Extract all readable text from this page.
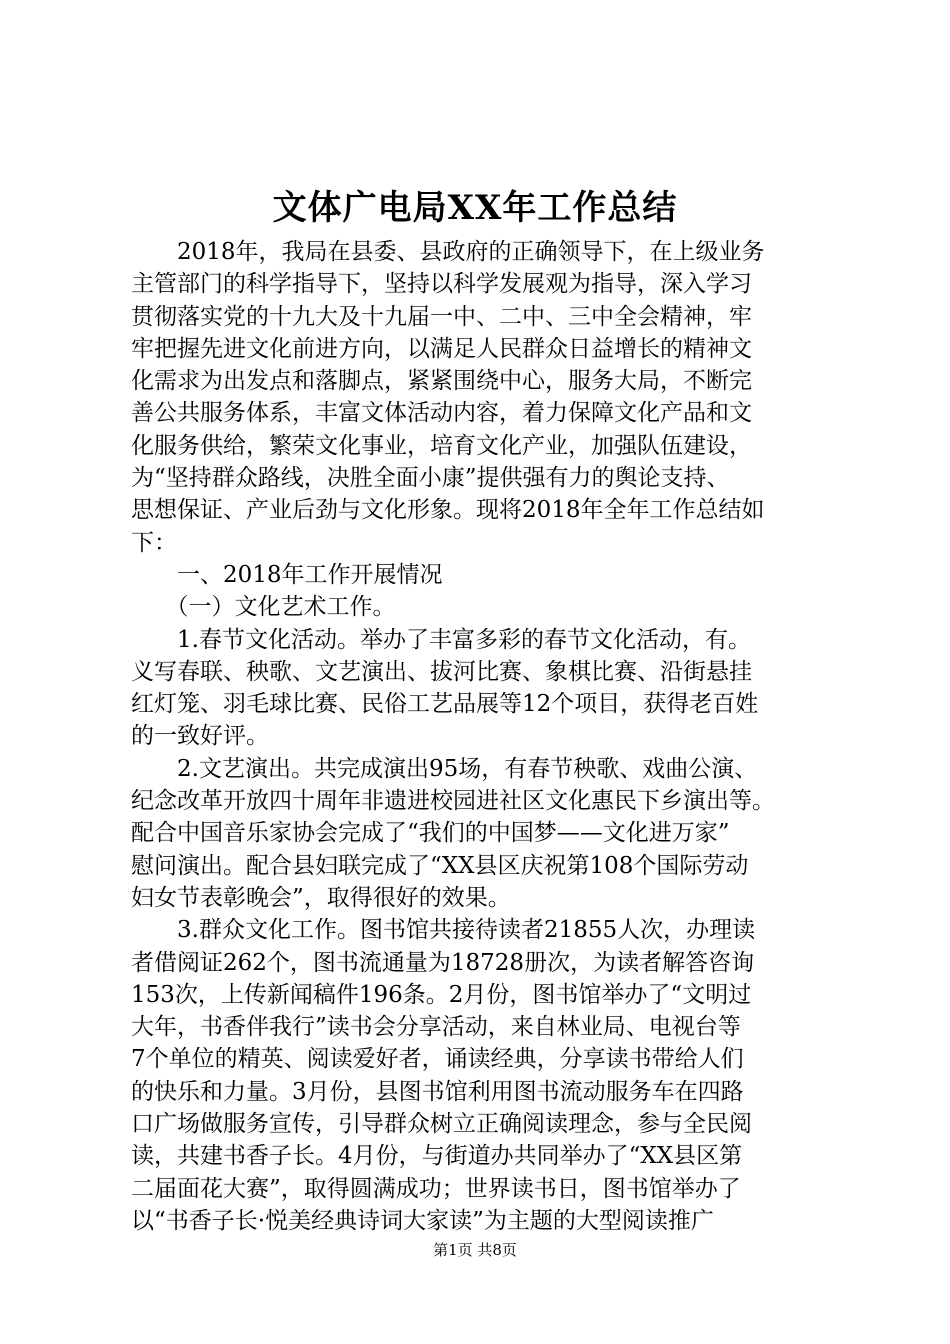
文体广电局XX年工作总结
　　2018年，我局在县委、县政府的正确领导下，在上级业务
主管部门的科学指导下，坚持以科学发展观为指导，深入学习
贯彻落实党的十九大及十九届一中、二中、三中全会精神，牢
牢把握先进文化前进方向，以满足人民群众日益增长的精神文
化需求为出发点和落脚点，紧紧围绕中心，服务大局，不断完
善公共服务体系，丰富文体活动内容，着力保障文化产品和文
化服务供给，繁荣文化事业，培育文化产业，加强队伍建设，
为“坚持群众路线，决胜全面小康”提供强有力的舆论支持、
思想保证、产业后劲与文化形象。现将2018年全年工作总结如
下：
　　一、2018年工作开展情况
　　（一）文化艺术工作。
　　1.春节文化活动。举办了丰富多彩的春节文化活动，有。
义写春联、秧歌、文艺演出、拔河比赛、象棋比赛、沿街悬挂
红灯笼、羽毛球比赛、民俗工艺品展等12个项目，获得老百姓
的一致好评。
　　2.文艺演出。共完成演出95场，有春节秧歌、戏曲公演、
纪念改革开放四十周年非遗进校园进社区文化惠民下乡演出等。
配合中国音乐家协会完成了“我们的中国梦——文化进万家”
慰问演出。配合县妇联完成了“XX县区庆祝第108个国际劳动
妇女节表彰晚会”，取得很好的效果。
　　3.群众文化工作。图书馆共接待读者21855人次，办理读
者借阅证262个，图书流通量为18728册次，为读者解答咨询
153次，上传新闻稿件196条。2月份，图书馆举办了“文明过
大年，书香伴我行”读书会分享活动，来自林业局、电视台等
7个单位的精英、阅读爱好者，诵读经典，分享读书带给人们
的快乐和力量。3月份，县图书馆利用图书流动服务车在四路
口广场做服务宣传，引导群众树立正确阅读理念，参与全民阅
读，共建书香子长。4月份，与街道办共同举办了“XX县区第
二届面花大赛”，取得圆满成功；世界读书日，图书馆举办了
以“书香子长·悦美经典诗词大家读”为主题的大型阅读推广
第1页 共8页
